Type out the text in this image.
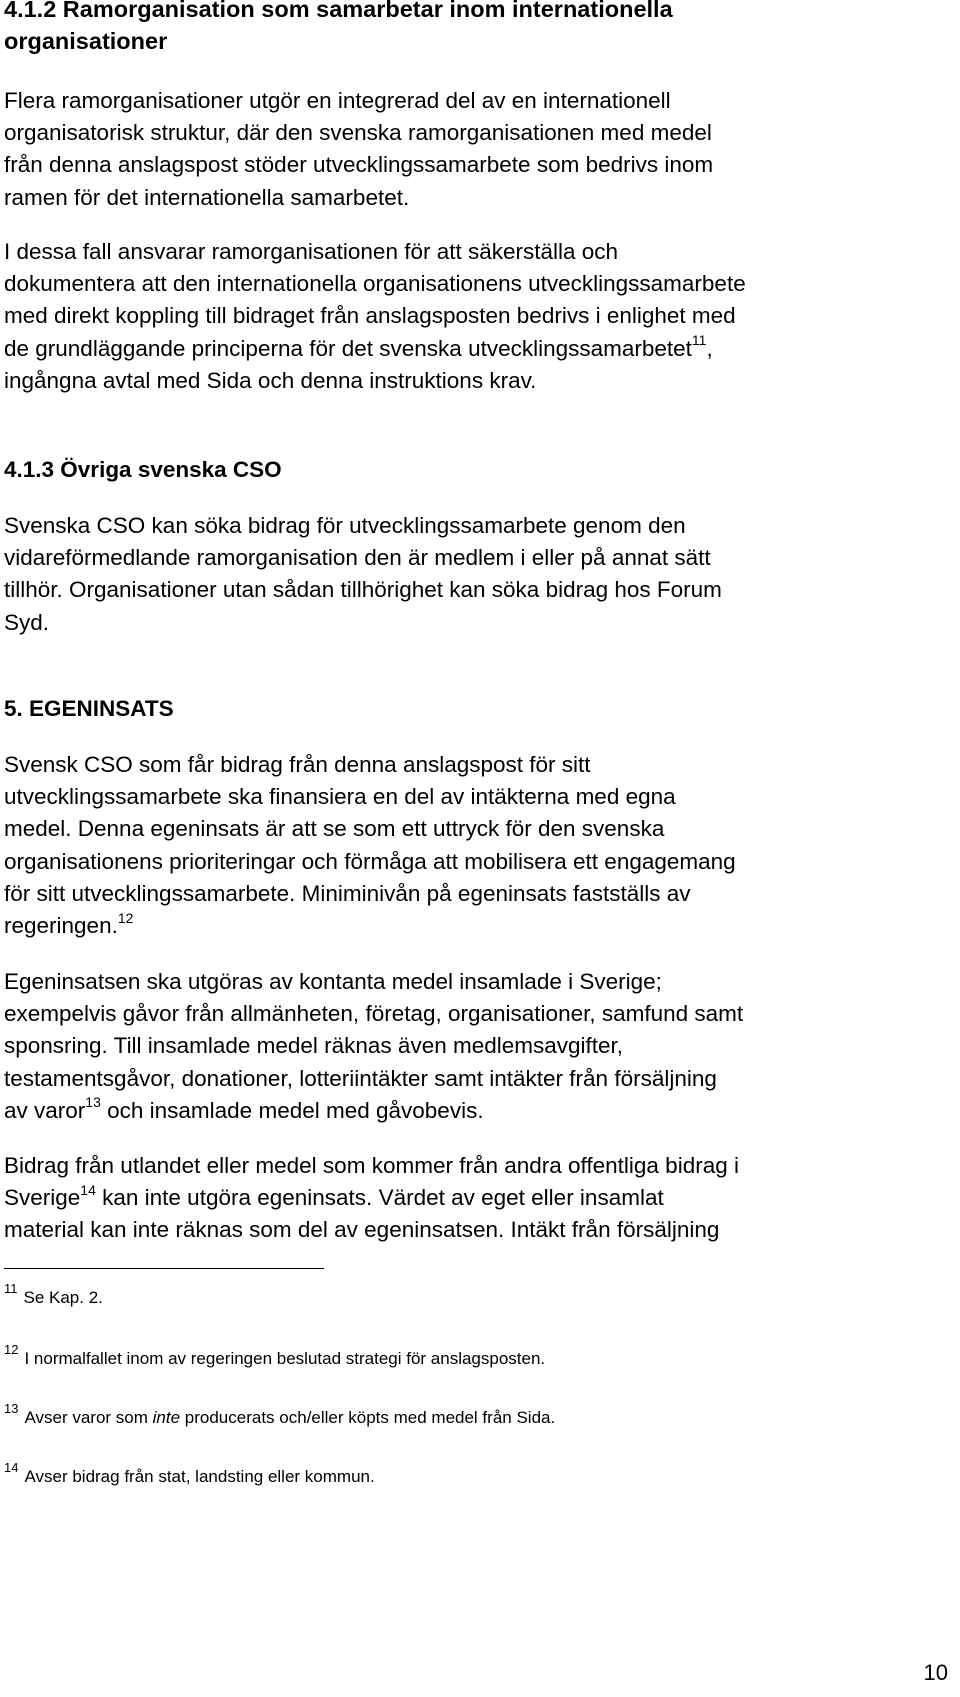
4.1.2 Ramorganisation som samarbetar inom internationella
organisationer
Flera ramorganisationer utgör en integrerad del av en internationell
organisatorisk struktur, där den svenska ramorganisationen med medel
från denna anslagspost stöder utvecklingssamarbete som bedrivs inom
ramen för det internationella samarbetet.
I dessa fall ansvarar ramorganisationen för att säkerställa och
dokumentera att den internationella organisationens utvecklingssamarbete
med direkt koppling till bidraget från anslagsposten bedrivs i enlighet med
de grundläggande principerna för det svenska utvecklingssamarbetet$^{11}$,
ingångna avtal med Sida och denna instruktions krav.
4.1.3 Övriga svenska CSO
Svenska CSO kan söka bidrag för utvecklingssamarbete genom den
vidareförmedlande ramorganisation den är medlem i eller på annat sätt
tillhör. Organisationer utan sådan tillhörighet kan söka bidrag hos Forum
Syd.
5. EGENINSATS
Svensk CSO som får bidrag från denna anslagspost för sitt
utvecklingssamarbete ska finansiera en del av intäkterna med egna
medel. Denna egeninsats är att se som ett uttryck för den svenska
organisationens prioriteringar och förmåga att mobilisera ett engagemang
för sitt utvecklingssamarbete. Miniminivån på egeninsats fastställs av
regeringen.$^{12}$
Egeninsatsen ska utgöras av kontanta medel insamlade i Sverige;
exempelvis gåvor från allmänheten, företag, organisationer, samfund samt
sponsring. Till insamlade medel räknas även medlemsavgifter,
testamentsgåvor, donationer, lotteriintäkter samt intäkter från försäljning
av varor$^{13}$ och insamlade medel med gåvobevis.
Bidrag från utlandet eller medel som kommer från andra offentliga bidrag i
Sverige$^{14}$ kan inte utgöra egeninsats. Värdet av eget eller insamlat
material kan inte räknas som del av egeninsatsen. Intäkt från försäljning
$^{11}$ Se Kap. 2.
$^{12}$ I normalfallet inom av regeringen beslutad strategi för anslagsposten.
$^{13}$ Avser varor som inte producerats och/eller köpts med medel från Sida.
$^{14}$ Avser bidrag från stat, landsting eller kommun.
10
